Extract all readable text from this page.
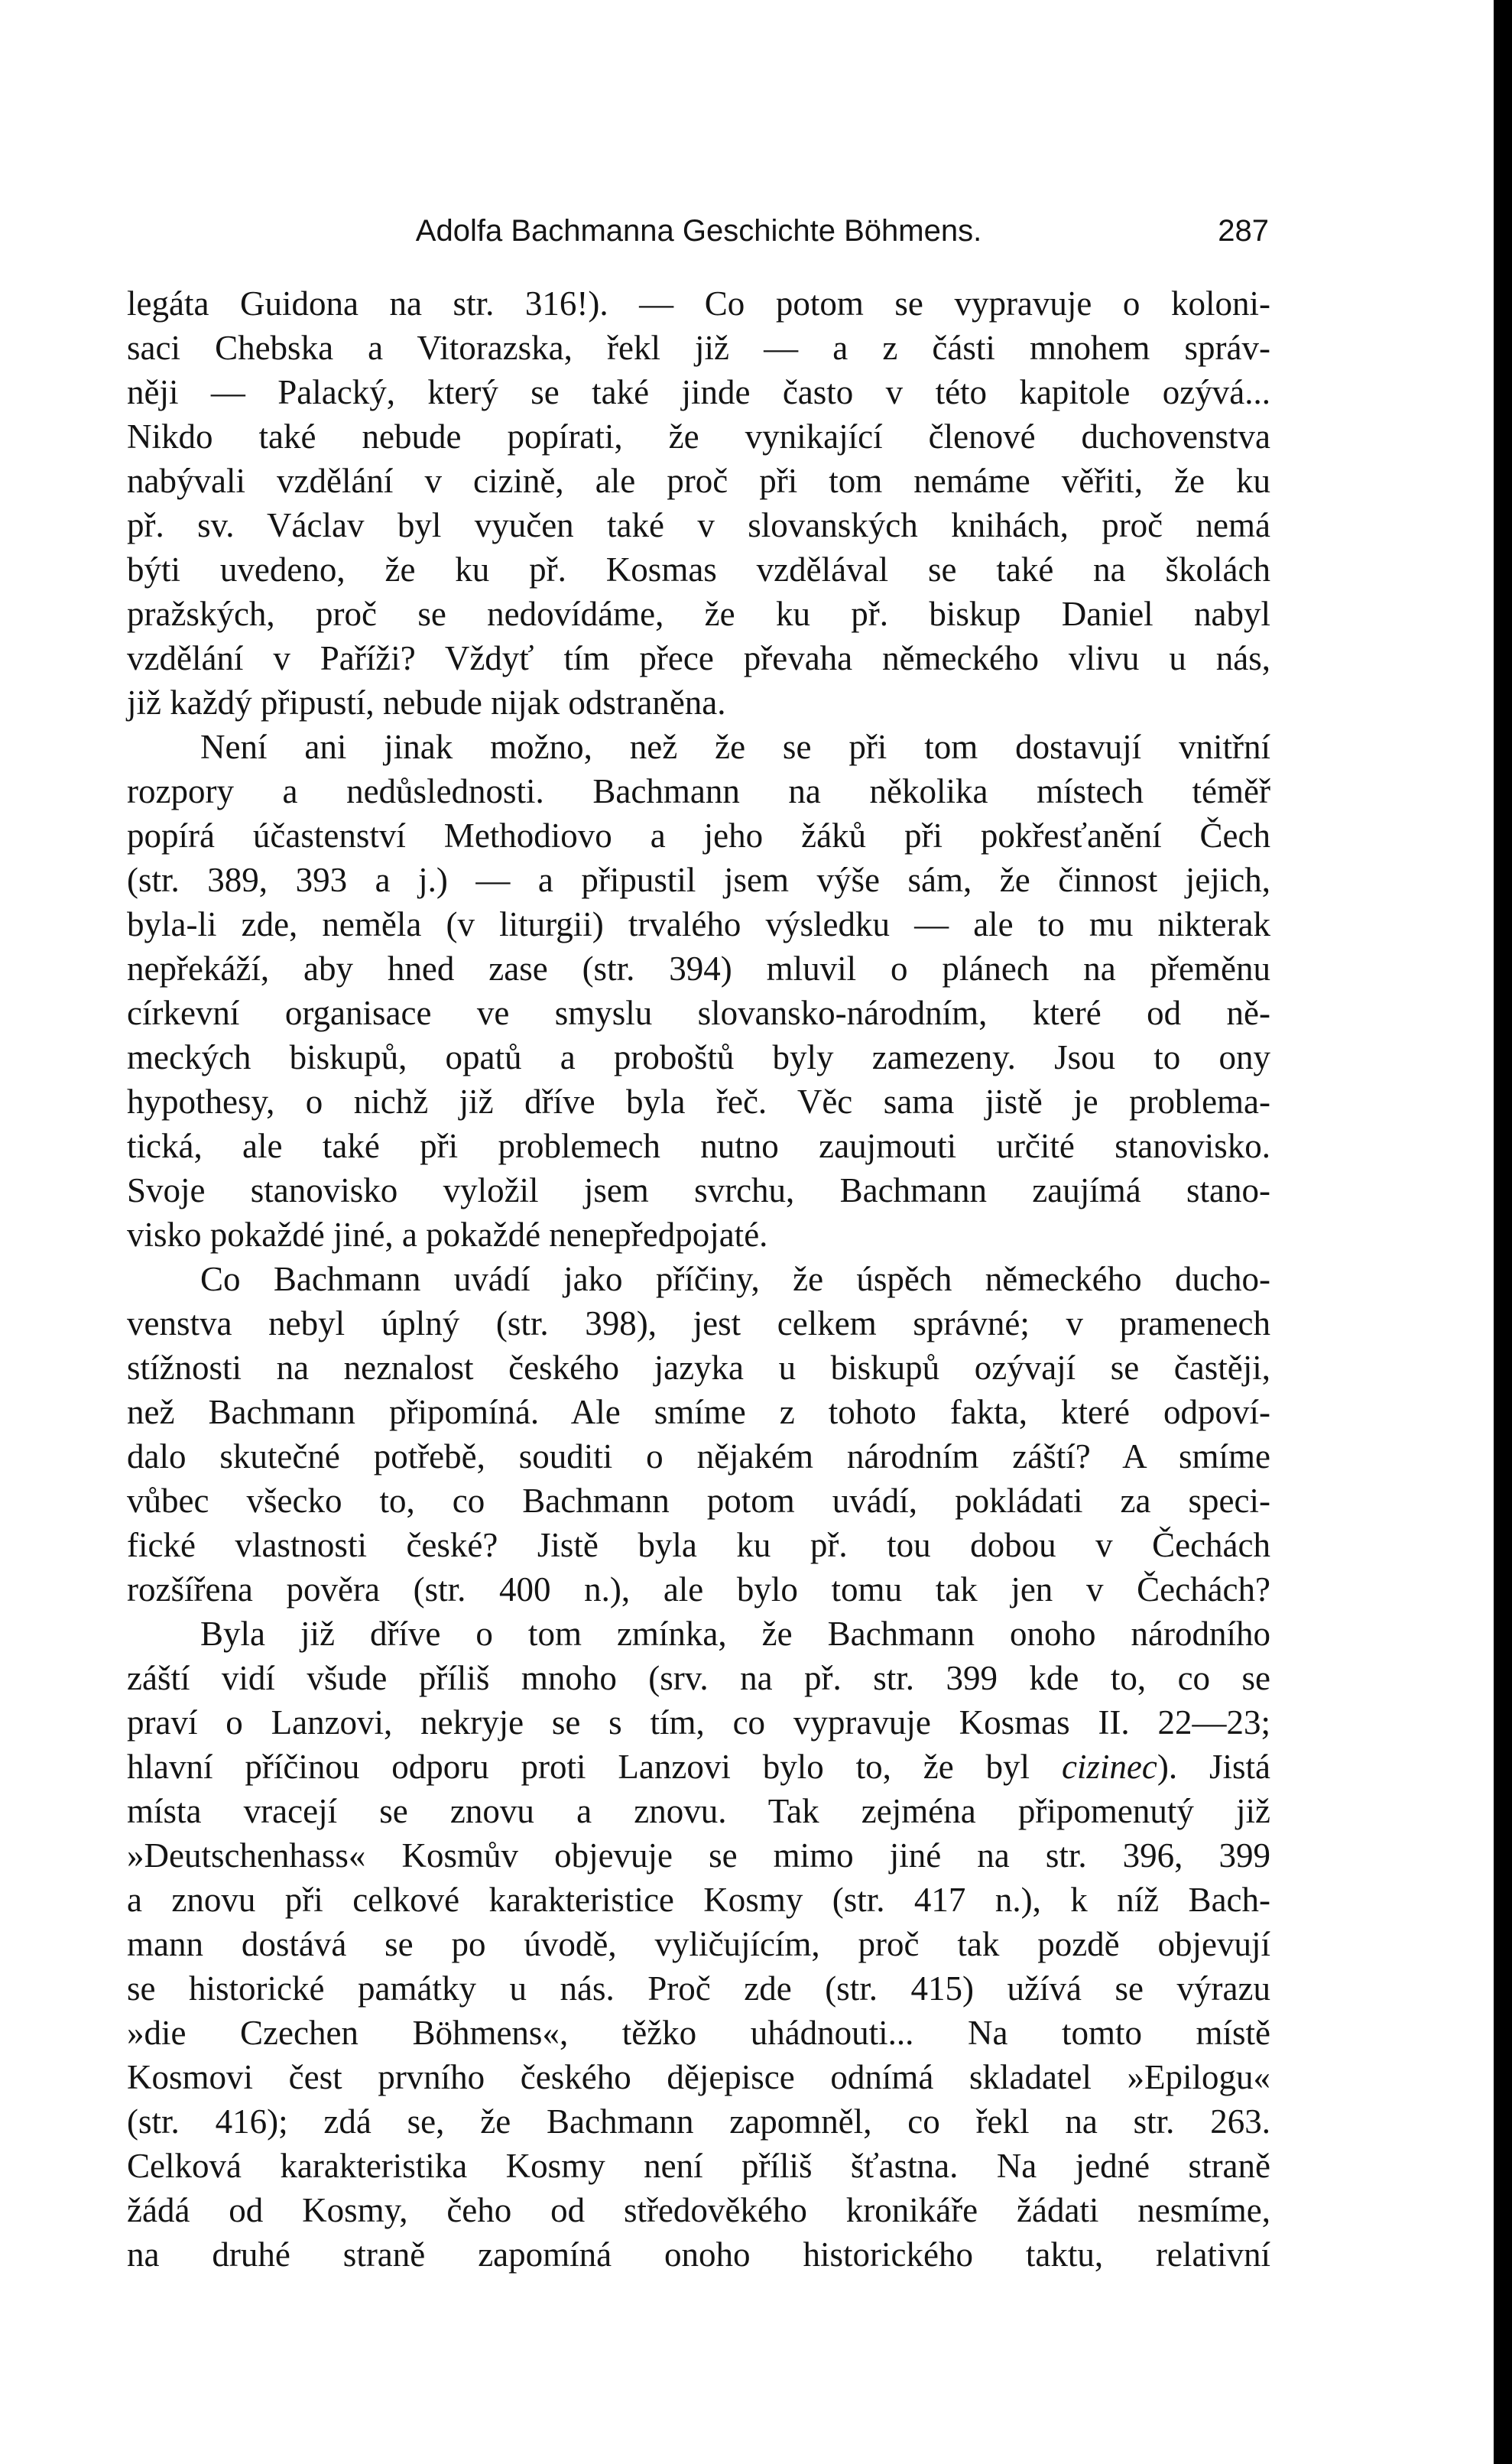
Adolfa Bachmanna Geschichte Böhmens.	287
legáta Guidona na str. 316!). — Co potom se vypravuje o koloni-
saci Chebska a Vitorazska, řekl již — a z části mnohem správ-
něji — Palacký, který se také jinde často v této kapitole ozývá...
Nikdo také nebude popírati, že vynikající členové duchovenstva
nabývali vzdělání v cizině, ale proč při tom nemáme věřiti, že ku
př. sv. Václav byl vyučen také v slovanských knihách, proč nemá
býti uvedeno, že ku př. Kosmas vzdělával se také na školách
pražských, proč se nedovídáme, že ku př. biskup Daniel nabyl
vzdělání v Paříži? Vždyť tím přece převaha německého vlivu u nás,
již každý připustí, nebude nijak odstraněna.
Není ani jinak možno, než že se při tom dostavují vnitřní
rozpory a nedůslednosti. Bachmann na několika místech téměř
popírá účastenství Methodiovo a jeho žáků při pokřesťanění Čech
(str. 389, 393 a j.) — a připustil jsem výše sám, že činnost jejich,
byla-li zde, neměla (v liturgii) trvalého výsledku — ale to mu nikterak
nepřekáží, aby hned zase (str. 394) mluvil o plánech na přeměnu
církevní organisace ve smyslu slovansko-národním, které od ně-
meckých biskupů, opatů a proboštů byly zamezeny. Jsou to ony
hypothesy, o nichž již dříve byla řeč. Věc sama jistě je problema-
tická, ale také při problemech nutno zaujmouti určité stanovisko.
Svoje stanovisko vyložil jsem svrchu, Bachmann zaujímá stano-
visko pokaždé jiné, a pokaždé nenepředpojaté.
Co Bachmann uvádí jako příčiny, že úspěch německého ducho-
venstva nebyl úplný (str. 398), jest celkem správné; v pramenech
stížnosti na neznalost českého jazyka u biskupů ozývají se častěji,
než Bachmann připomíná. Ale smíme z tohoto fakta, které odpoví-
dalo skutečné potřebě, souditi o nějakém národním záští? A smíme
vůbec všecko to, co Bachmann potom uvádí, pokládati za speci-
fické vlastnosti české? Jistě byla ku př. tou dobou v Čechách
rozšířena pověra (str. 400 n.), ale bylo tomu tak jen v Čechách?
Byla již dříve o tom zmínka, že Bachmann onoho národního
záští vidí všude příliš mnoho (srv. na př. str. 399 kde to, co se
praví o Lanzovi, nekryje se s tím, co vypravuje Kosmas II. 22—23;
hlavní příčinou odporu proti Lanzovi bylo to, že byl cizinec). Jistá
místa vracejí se znovu a znovu. Tak zejména připomenutý již
»Deutschenhass« Kosmův objevuje se mimo jiné na str. 396, 399
a znovu při celkové karakteristice Kosmy (str. 417 n.), k níž Bach-
mann dostává se po úvodě, vyličujícím, proč tak pozdě objevují
se historické památky u nás. Proč zde (str. 415) užívá se výrazu
»die Czechen Böhmens«, těžko uhádnouti... Na tomto místě
Kosmovi čest prvního českého dějepisce odnímá skladatel »Epilogu«
(str. 416); zdá se, že Bachmann zapomněl, co řekl na str. 263.
Celková karakteristika Kosmy není příliš šťastna. Na jedné straně
žádá od Kosmy, čeho od středověkého kronikáře žádati nesmíme,
na druhé straně zapomíná onoho historického taktu, relativní
